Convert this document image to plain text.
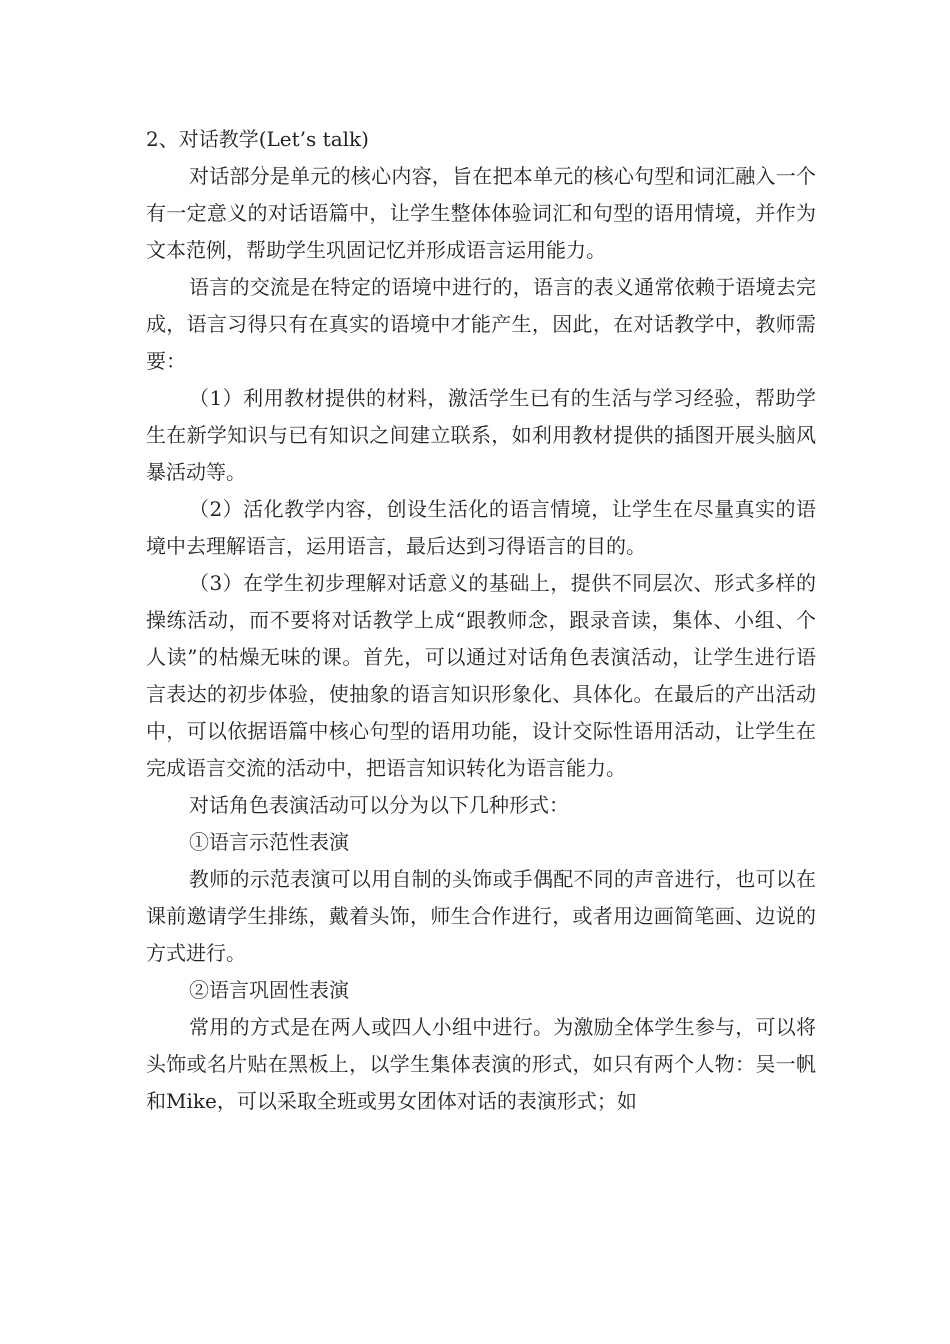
2、对话教学(Let’s talk)

对话部分是单元的核心内容，旨在把本单元的核心句型和词汇融入一个有一定意义的对话语篇中，让学生整体体验词汇和句型的语用情境，并作为文本范例，帮助学生巩固记忆并形成语言运用能力。

语言的交流是在特定的语境中进行的，语言的表义通常依赖于语境去完成，语言习得只有在真实的语境中才能产生，因此，在对话教学中，教师需要：

（1）利用教材提供的材料，激活学生已有的生活与学习经验，帮助学生在新学知识与已有知识之间建立联系，如利用教材提供的插图开展头脑风暴活动等。

（2）活化教学内容，创设生活化的语言情境，让学生在尽量真实的语境中去理解语言，运用语言，最后达到习得语言的目的。

（3）在学生初步理解对话意义的基础上，提供不同层次、形式多样的操练活动，而不要将对话教学上成“跟教师念，跟录音读，集体、小组、个人读”的枯燥无味的课。首先，可以通过对话角色表演活动，让学生进行语言表达的初步体验，使抽象的语言知识形象化、具体化。在最后的产出活动中，可以依据语篇中核心句型的语用功能，设计交际性语用活动，让学生在完成语言交流的活动中，把语言知识转化为语言能力。

对话角色表演活动可以分为以下几种形式：

①语言示范性表演

教师的示范表演可以用自制的头饰或手偶配不同的声音进行，也可以在课前邀请学生排练，戴着头饰，师生合作进行，或者用边画简笔画、边说的方式进行。

②语言巩固性表演

常用的方式是在两人或四人小组中进行。为激励全体学生参与，可以将头饰或名片贴在黑板上，以学生集体表演的形式，如只有两个人物：吴一帆和Mike，可以采取全班或男女团体对话的表演形式；如
